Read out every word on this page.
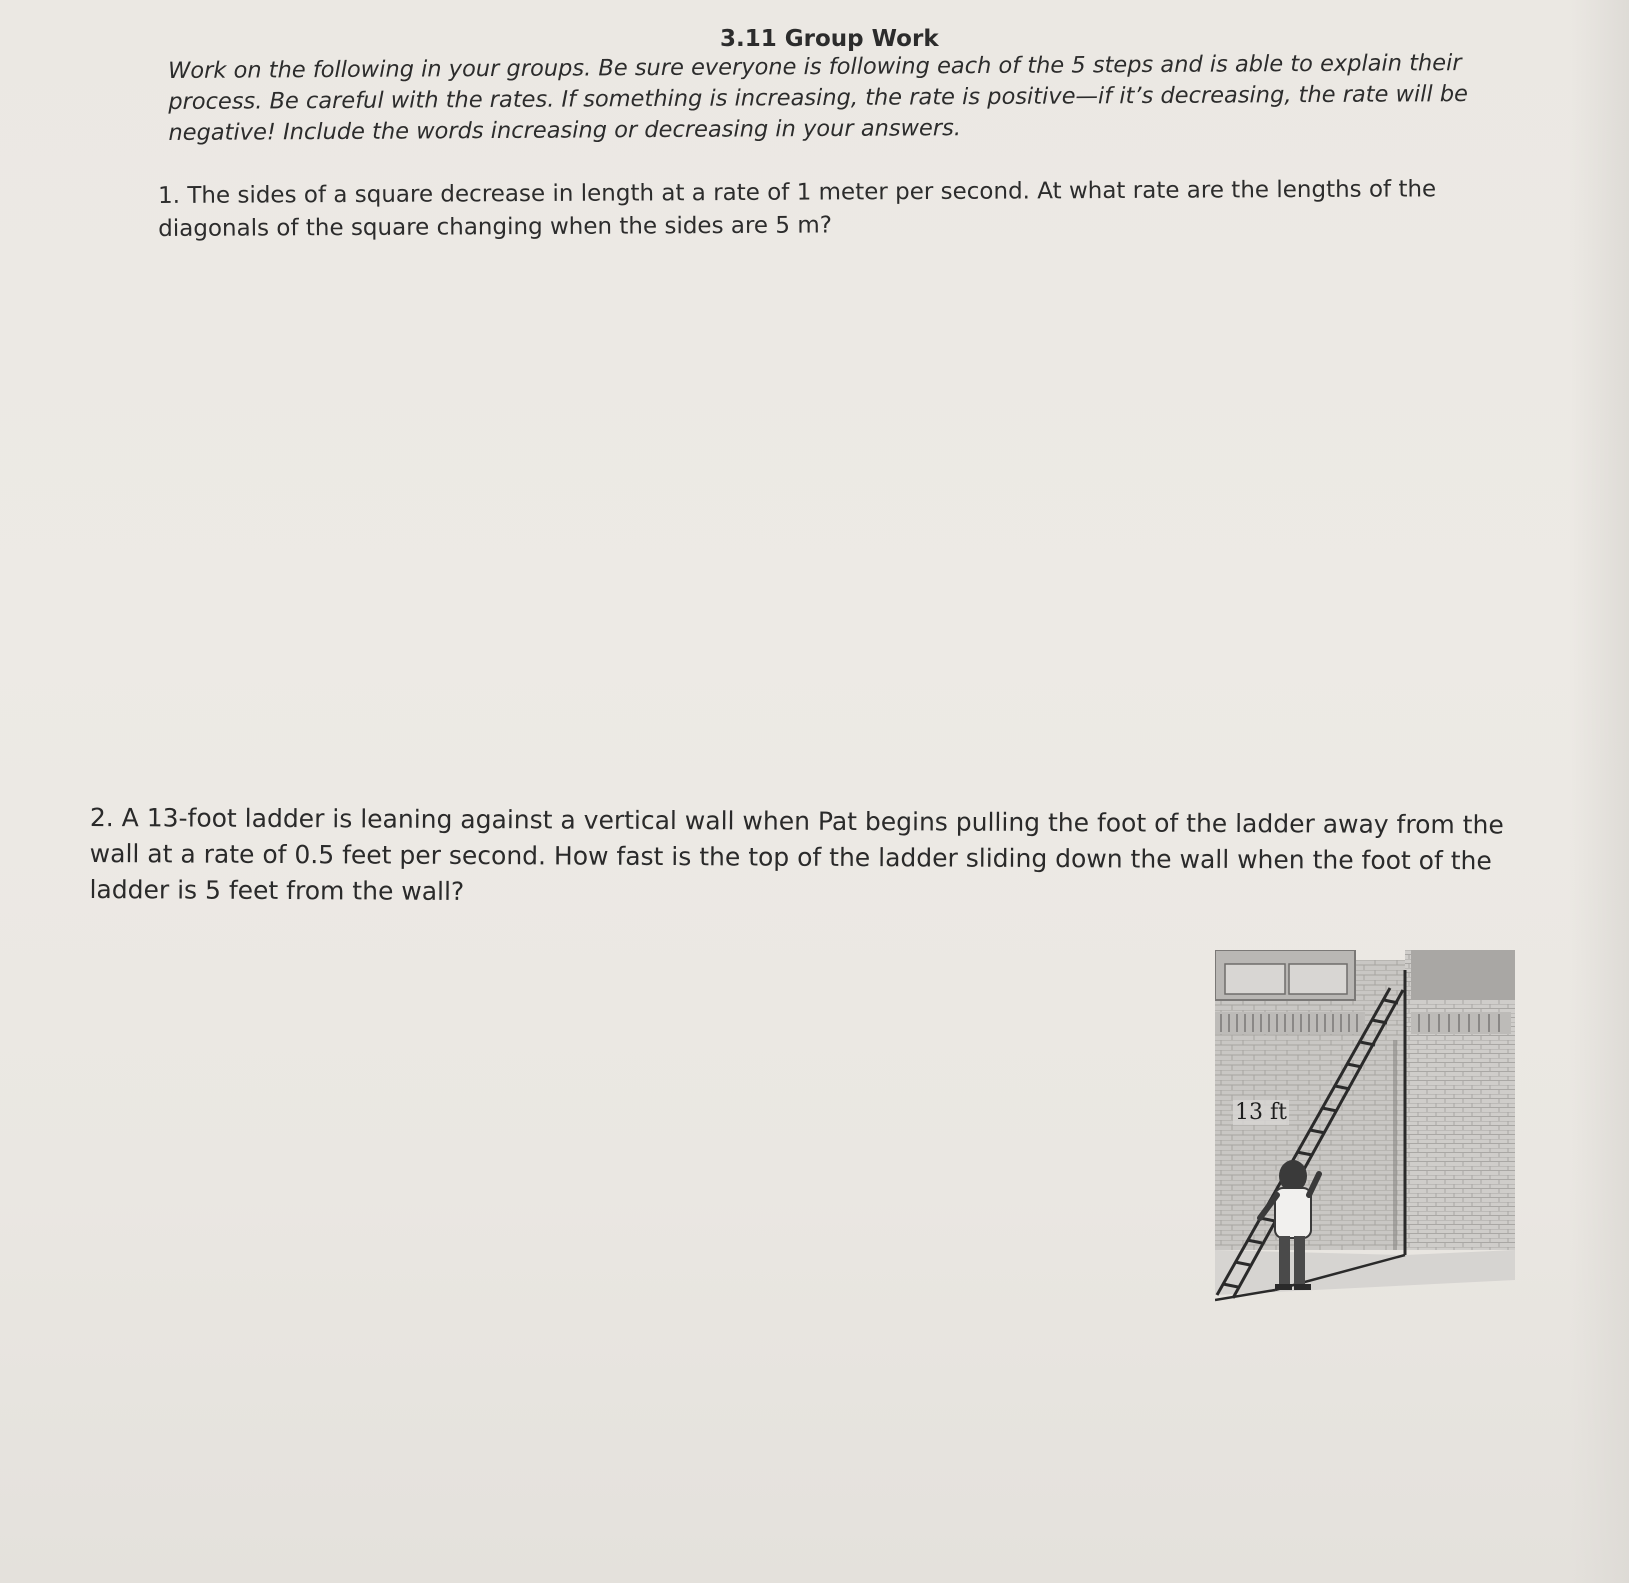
3.11 Group Work
Work on the following in your groups. Be sure everyone is following each of the 5 steps and is able to explain their process. Be careful with the rates. If something is increasing, the rate is positive—if it’s decreasing, the rate will be negative! Include the words increasing or decreasing in your answers.
1. The sides of a square decrease in length at a rate of 1 meter per second. At what rate are the lengths of the diagonals of the square changing when the sides are 5 m?
2. A 13-foot ladder is leaning against a vertical wall when Pat begins pulling the foot of the ladder away from the wall at a rate of 0.5 feet per second. How fast is the top of the ladder sliding down the wall when the foot of the ladder is 5 feet from the wall?
13 ft
